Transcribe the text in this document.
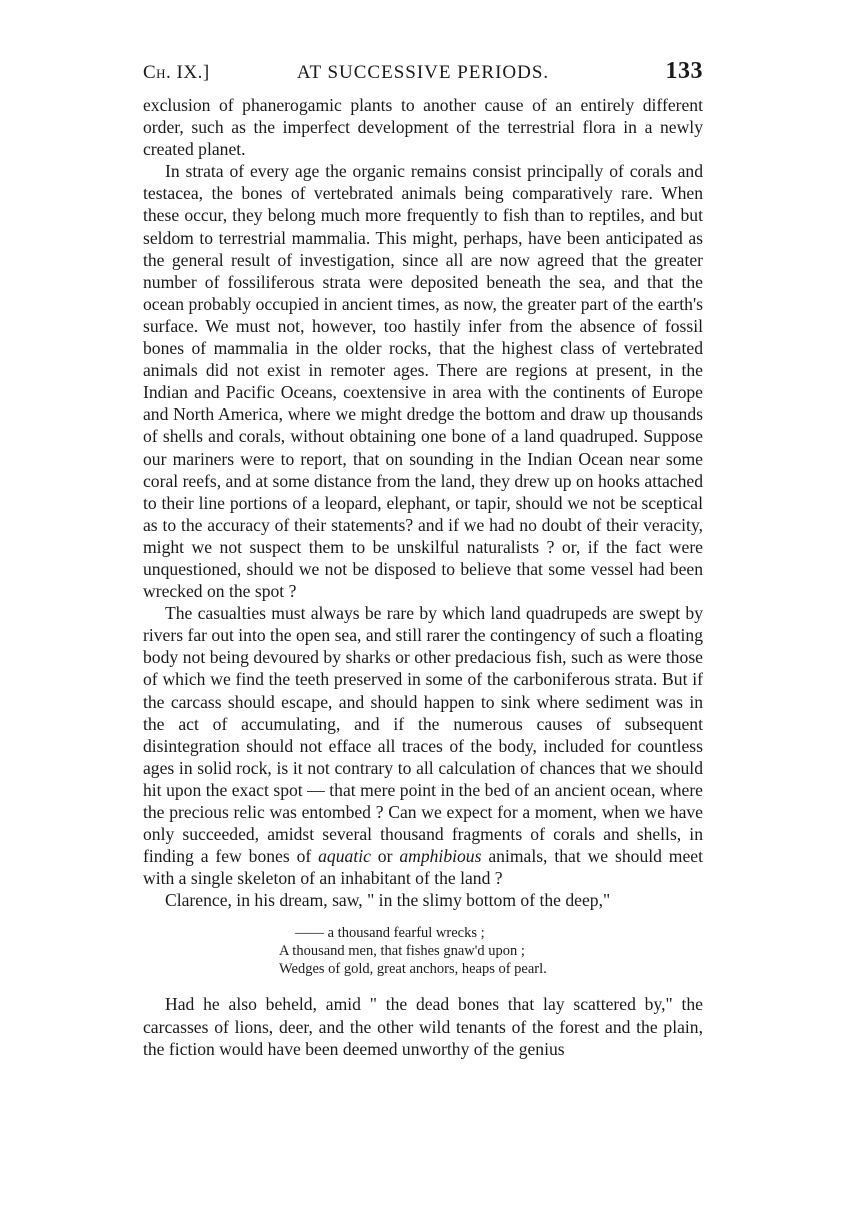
Ch. IX.]	AT SUCCESSIVE PERIODS.	133

exclusion of phanerogamic plants to another cause of an entirely different order, such as the imperfect development of the terrestrial flora in a newly created planet.

In strata of every age the organic remains consist principally of corals and testacea, the bones of vertebrated animals being comparatively rare. When these occur, they belong much more frequently to fish than to reptiles, and but seldom to terrestrial mammalia. This might, perhaps, have been anticipated as the general result of investigation, since all are now agreed that the greater number of fossiliferous strata were deposited beneath the sea, and that the ocean probably occupied in ancient times, as now, the greater part of the earth's surface. We must not, however, too hastily infer from the absence of fossil bones of mammalia in the older rocks, that the highest class of vertebrated animals did not exist in remoter ages. There are regions at present, in the Indian and Pacific Oceans, coextensive in area with the continents of Europe and North America, where we might dredge the bottom and draw up thousands of shells and corals, without obtaining one bone of a land quadruped. Suppose our mariners were to report, that on sounding in the Indian Ocean near some coral reefs, and at some distance from the land, they drew up on hooks attached to their line portions of a leopard, elephant, or tapir, should we not be sceptical as to the accuracy of their statements? and if we had no doubt of their veracity, might we not suspect them to be unskilful naturalists ? or, if the fact were unquestioned, should we not be disposed to believe that some vessel had been wrecked on the spot ?

The casualties must always be rare by which land quadrupeds are swept by rivers far out into the open sea, and still rarer the contingency of such a floating body not being devoured by sharks or other predacious fish, such as were those of which we find the teeth preserved in some of the carboniferous strata. But if the carcass should escape, and should happen to sink where sediment was in the act of accumulating, and if the numerous causes of subsequent disintegration should not efface all traces of the body, included for countless ages in solid rock, is it not contrary to all calculation of chances that we should hit upon the exact spot — that mere point in the bed of an ancient ocean, where the precious relic was entombed ? Can we expect for a moment, when we have only succeeded, amidst several thousand fragments of corals and shells, in finding a few bones of aquatic or amphibious animals, that we should meet with a single skeleton of an inhabitant of the land ?

Clarence, in his dream, saw, " in the slimy bottom of the deep,"

—— a thousand fearful wrecks ;
A thousand men, that fishes gnaw'd upon ;
Wedges of gold, great anchors, heaps of pearl.

Had he also beheld, amid " the dead bones that lay scattered by," the carcasses of lions, deer, and the other wild tenants of the forest and the plain, the fiction would have been deemed unworthy of the genius
